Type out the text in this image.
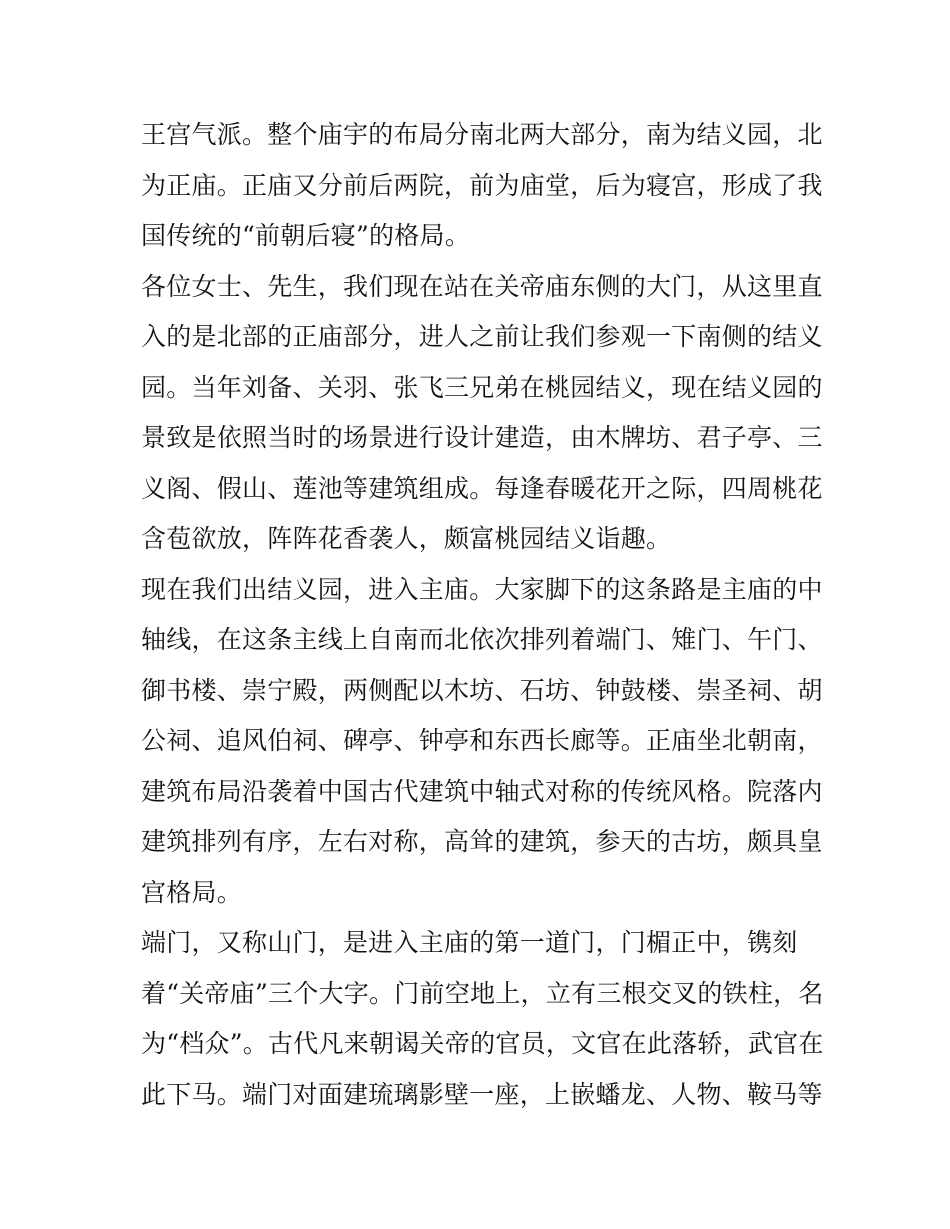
王宫气派。整个庙宇的布局分南北两大部分，南为结义园，北
为正庙。正庙又分前后两院，前为庙堂，后为寝宫，形成了我
国传统的“前朝后寝”的格局。
各位女士、先生，我们现在站在关帝庙东侧的大门，从这里直
入的是北部的正庙部分，进人之前让我们参观一下南侧的结义
园。当年刘备、关羽、张飞三兄弟在桃园结义，现在结义园的
景致是依照当时的场景进行设计建造，由木牌坊、君子亭、三
义阁、假山、莲池等建筑组成。每逢春暖花开之际，四周桃花
含苞欲放，阵阵花香袭人，颇富桃园结义诣趣。
现在我们出结义园，进入主庙。大家脚下的这条路是主庙的中
轴线，在这条主线上自南而北依次排列着端门、雉门、午门、
御书楼、崇宁殿，两侧配以木坊、石坊、钟鼓楼、崇圣祠、胡
公祠、追风伯祠、碑亭、钟亭和东西长廊等。正庙坐北朝南，
建筑布局沿袭着中国古代建筑中轴式对称的传统风格。院落内
建筑排列有序，左右对称，高耸的建筑，参天的古坊，颇具皇
宫格局。
端门，又称山门，是进入主庙的第一道门，门楣正中，镌刻
着“关帝庙”三个大字。门前空地上，立有三根交叉的铁柱，名
为“档众”。古代凡来朝谒关帝的官员，文官在此落轿，武官在
此下马。端门对面建琉璃影壁一座，上嵌蟠龙、人物、鞍马等
